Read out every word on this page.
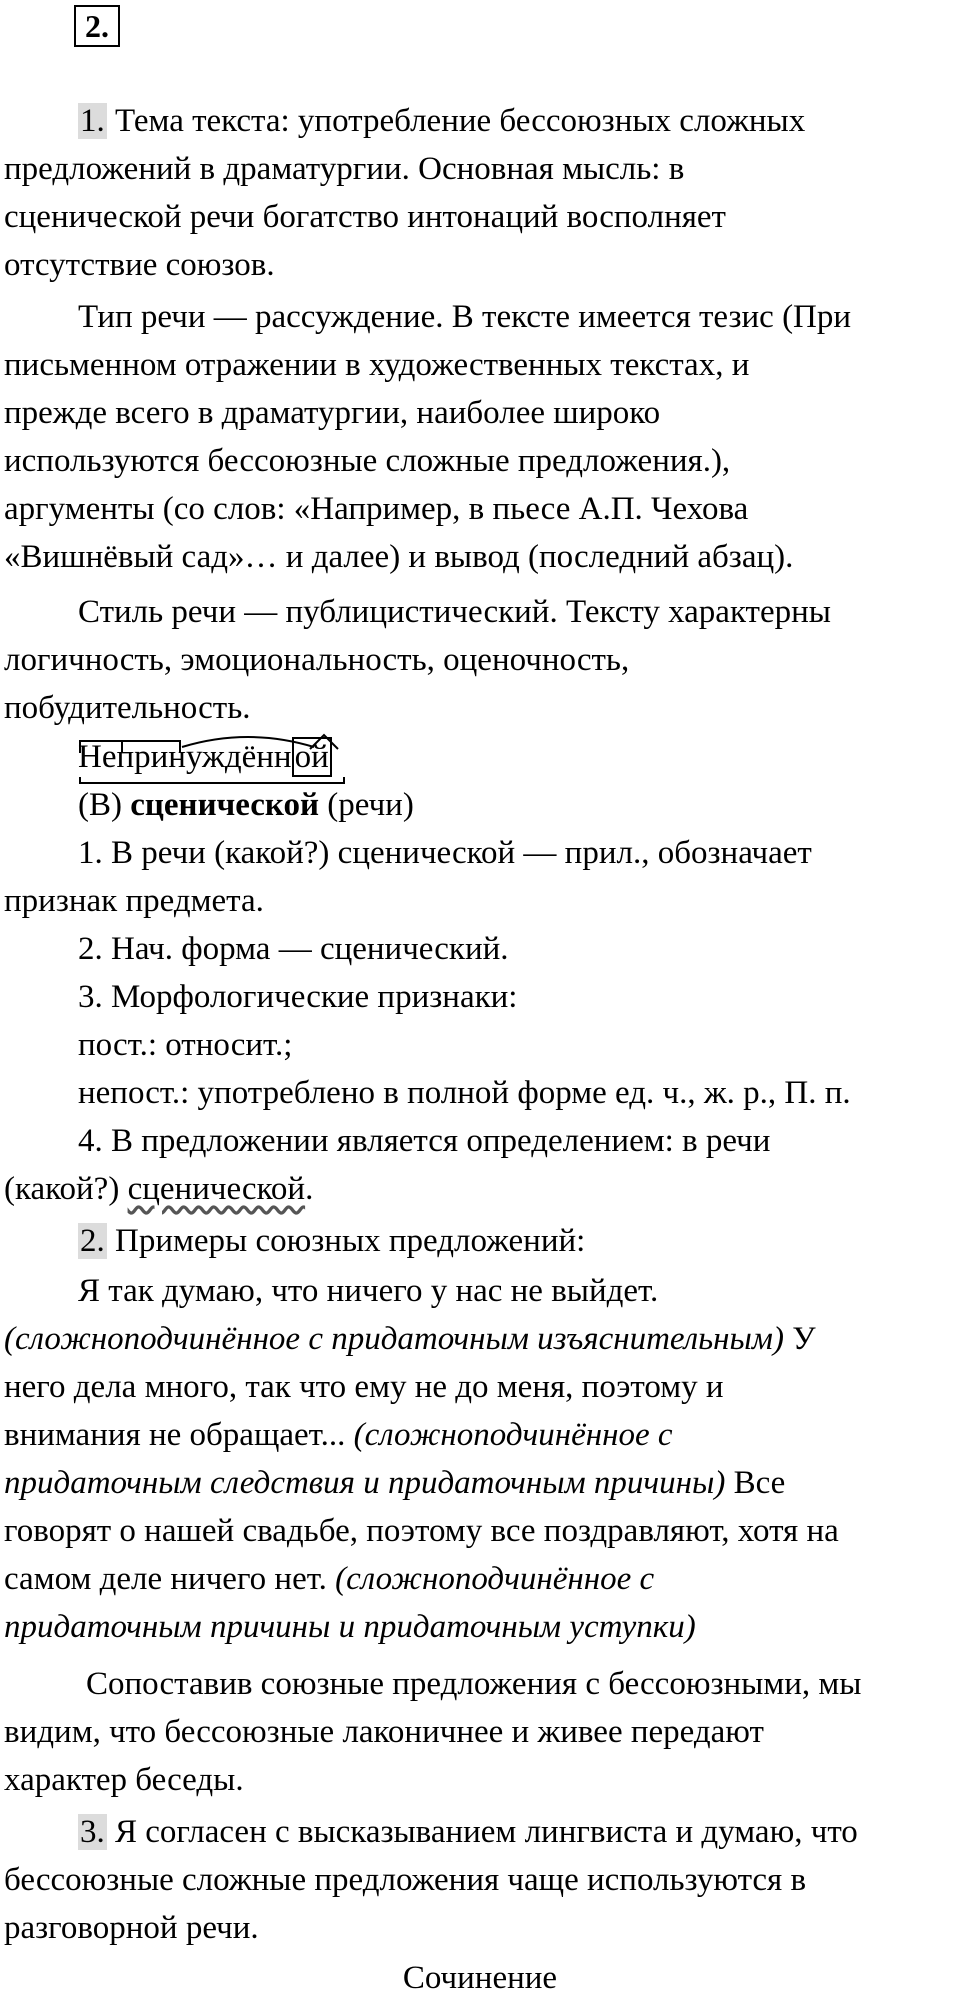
2.

1. Тема текста: употребление бессоюзных сложных

предложений в драматургии. Основная мысль: в

сценической речи богатство интонаций восполняет

отсутствие союзов.

Тип речи — рассуждение. В тексте имеется тезис (При

письменном отражении в художественных текстах, и

прежде всего в драматургии, наиболее широко

используются бессоюзные сложные предложения.),

аргументы (со слов: «Например, в пьесе А.П. Чехова

«Вишнёвый сад»… и далее) и вывод (последний абзац).

Стиль речи — публицистический. Тексту характерны

логичность, эмоциональность, оценочность,

побудительность.

Непринуждённой

(В) сценической (речи)

1. В речи (какой?) сценической — прил., обозначает

признак предмета.

2. Нач. форма — сценический.

3. Морфологические признаки:

пост.: относит.;

непост.: употреблено в полной форме ед. ч., ж. р., П. п.

4. В предложении является определением: в речи

(какой?) сценической.

2. Примеры союзных предложений:

Я так думаю, что ничего у нас не выйдет.

(сложноподчинённое с придаточным изъяснительным) У

него дела много, так что ему не до меня, поэтому и

внимания не обращает... (сложноподчинённое с

придаточным следствия и придаточным причины) Все

говорят о нашей свадьбе, поэтому все поздравляют, хотя на

самом деле ничего нет. (сложноподчинённое с

придаточным причины и придаточным уступки)

Сопоставив союзные предложения с бессоюзными, мы

видим, что бессоюзные лаконичнее и живее передают

характер беседы.

3. Я согласен с высказыванием лингвиста и думаю, что

бессоюзные сложные предложения чаще используются в

разговорной речи.

Сочинение
